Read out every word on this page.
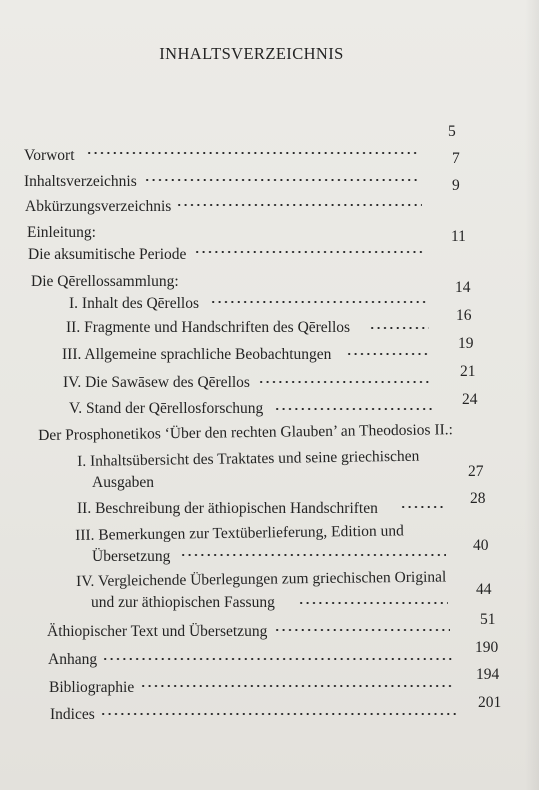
INHALTSVERZEICHNIS
Vorwort
5
Inhaltsverzeichnis
7
Abkürzungsverzeichnis
9
Einleitung:	11
Die aksumitische Periode
Die Qērellossammlung:
I. Inhalt des Qērellos
14
II. Fragmente und Handschriften des Qērellos
16
III. Allgemeine sprachliche Beobachtungen
19
IV. Die Sawāsew des Qērellos
21
V. Stand der Qērellosforschung
24
Der Prosphonetikos ‘Über den rechten Glauben’ an Theodosios II.:
I. Inhaltsübersicht des Traktates und seine griechischen
Ausgaben
27
II. Beschreibung der äthiopischen Handschriften
28
III. Bemerkungen zur Textüberlieferung, Edition und
Übersetzung
40
IV. Vergleichende Überlegungen zum griechischen Original
und zur äthiopischen Fassung
44
Äthiopischer Text und Übersetzung
51
Anhang
190
Bibliographie
194
Indices
201
